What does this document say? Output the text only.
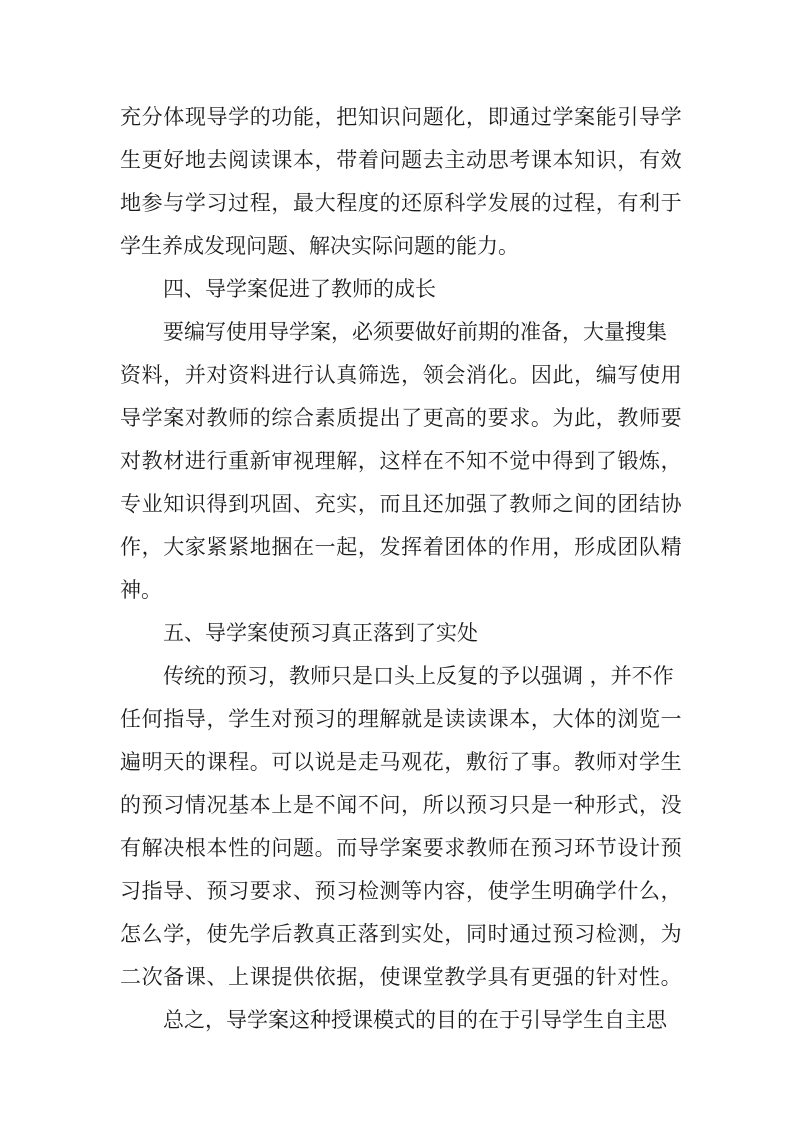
充 分 体 现 导 学 的 功 能 ， 把 知 识 问 题 化 ， 即 通 过 学 案 能 引 导 学
生 更 好 地 去 阅 读 课 本 ， 带 着 问 题 去 主 动 思 考 课 本 知 识 ， 有 效
地 参 与 学 习 过 程 ， 最 大 程 度 的 还 原 科 学 发 展 的 过 程 ， 有 利 于
学生养成发现问题、解决实际问题的能力。
四、导学案促进了教师的成长
要编写使用导学案，必须要做好前期的准备，大量搜集
资 料 ， 并 对 资 料 进 行 认 真 筛 选 ， 领 会 消 化 。 因 此 ， 编 写 使 用
导 学 案 对 教 师 的 综 合 素 质 提 出 了 更 高 的 要 求 。 为 此 ， 教 师 要
对 教 材 进 行 重 新 审 视 理 解 ， 这 样 在 不 知 不 觉 中 得 到 了 锻 炼 ，
专 业 知 识 得 到 巩 固 、 充 实 ， 而 且 还 加 强 了 教 师 之 间 的 团 结 协
作 ， 大 家 紧 紧 地 捆 在 一 起 ， 发 挥 着 团 体 的 作 用 ， 形 成 团 队 精
神。
五、导学案使预习真正落到了实处
传统的预习，教师只是口头上反复的予以强调 ，并不作
任 何 指 导 ， 学 生 对 预 习 的 理 解 就 是 读 读 课 本 ， 大 体 的 浏 览 一
遍 明 天 的 课 程 。 可 以 说 是 走 马 观 花 ， 敷 衍 了 事 。 教 师 对 学 生
的 预 习 情 况 基 本 上 是 不 闻 不 问 ， 所 以 预 习 只 是 一 种 形 式 ， 没
有 解 决 根 本 性 的 问 题 。 而 导 学 案 要 求 教 师 在 预 习 环 节 设 计 预
习 指 导 、 预 习 要 求 、 预 习 检 测 等 内 容 ， 使 学 生 明 确 学 什 么 ，
怎 么 学 ， 使 先 学 后 教 真 正 落 到 实 处 ， 同 时 通 过 预 习 检 测 ， 为
二 次 备 课 、 上 课 提 供 依 据 ， 使 课 堂 教 学 具 有 更 强 的 针 对 性 。
总之，导学案这种授课模式的目的在于引导学生自主思
